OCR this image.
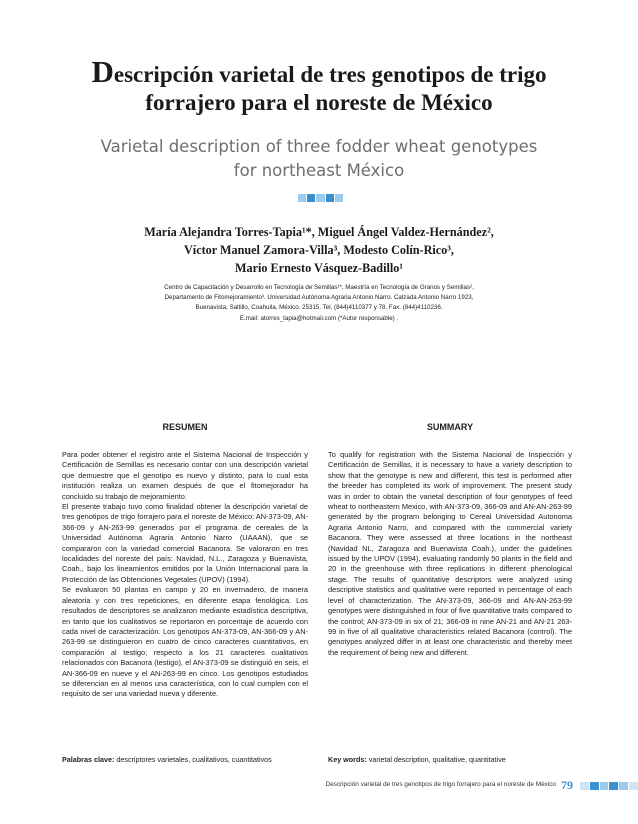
Descripción varietal de tres genotipos de trigo
forrajero para el noreste de México
Varietal description of three fodder wheat genotypes
for northeast México
María Alejandra Torres-Tapia¹*, Miguel Ángel Valdez-Hernández²,
Víctor Manuel Zamora-Villa³, Modesto Colín-Rico³,
Mario Ernesto Vásquez-Badillo¹
Centro de Capacitación y Desarrollo en Tecnología de Semillas¹*, Maestría en Tecnología de Granos y Semillas²,
Departamento de Fitomejoramiento³. Universidad Autónoma Agraria Antonio Narro. Calzada Antonio Narro 1923,
Buenavista, Saltillo, Coahuila, México. 25315. Tel. (844)4110377 y 78. Fax. (844)4110236.
E.mail: atorres_tapia@hotmail.com (*Autor responsable) .
RESUMEN	SUMMARY

Para poder obtener el registro ante el Sistema Nacional de Inspección y Certificación de Semillas es necesario contar con una descripción varietal que demuestre que el genotipo es nuevo y distinto, para lo cual esta institución realiza un examen después de que el fitomejorador ha concluido su trabajo de mejoramiento.

El presente trabajo tuvo como finalidad obtener la descripción varietal de tres genotipos de trigo forrajero para el noreste de México: AN-373-09, AN-366-09 y AN-263-99 generados por el programa de cereales de la Universidad Autónoma Agraria Antonio Narro (UAAAN), que se compararon con la variedad comercial Bacanora. Se valoraron en tres localidades del noreste del país: Navidad, N.L., Zaragoza y Buenavista, Coah., bajo los lineamientos emitidos por la Unión Internacional para la Protección de las Obtenciones Vegetales (UPOV) (1994).

Se evaluaron 50 plantas en campo y 20 en invernadero, de manera aleatoria y con tres repeticiones, en diferente etapa fenológica. Los resultados de descriptores se analizaron mediante estadística descriptiva, en tanto que los cualitativos se reportaron en porcentaje de acuerdo con cada nivel de caracterización. Los genotipos AN-373-09, AN-366-09 y AN-263-99 se distinguieron en cuatro de cinco caracteres cuantitativos, en comparación al testigo; respecto a los 21 caracteres cualitativos relacionados con Bacanora (testigo), el AN-373-09 se distinguió en seis, el AN-366-09 en nueve y el AN-263-99 en cinco. Los genotipos estudiados se diferencian en al menos una característica, con lo cual cumplen con el requisito de ser una variedad nueva y diferente.

To qualify for registration with the Sistema Nacional de Inspección y Certificación de Semillas, it is necessary to have a variety description to show that the genotype is new and different, this test is performed after the breeder has completed its work of improvement. The present study was in order to obtain the varietal description of four genotypes of feed wheat to northeastern Mexico, with AN-373-09, 366-09 and AN-AN-263-99 generated by the program belonging to Cereal Universidad Autonoma Agraria Antonio Narro, and compared with the commercial variety Bacanora. They were assessed at three locations in the northeast (Navidad NL, Zaragoza and Buenavista Coah.), under the guidelines issued by the UPOV (1994), evaluating randomly 50 plants in the field and 20 in the greenhouse with three replications in different phenological stage. The results of quantitative descriptors were analyzed using descriptive statistics and qualitative were reported in percentage of each level of characterization. The AN-373-09, 366-09 and AN-AN-263-99 genotypes were distinguished in four of five quantitative traits compared to the control; AN-373-09 in six of 21; 366-09 in nine AN-21 and AN-21 263-99 in five of all qualitative characteristics related Bacanora (control). The genotypes analyzed differ in at least one characteristic and thereby meet the requirement of being new and different.

Palabras clave: descriptores varietales, cualitativos, cuantitativos	Key words: varietal description, qualitative, quantitative
Descripción varietal de tres genotipos de trigo forrajero para el noreste de México 79
